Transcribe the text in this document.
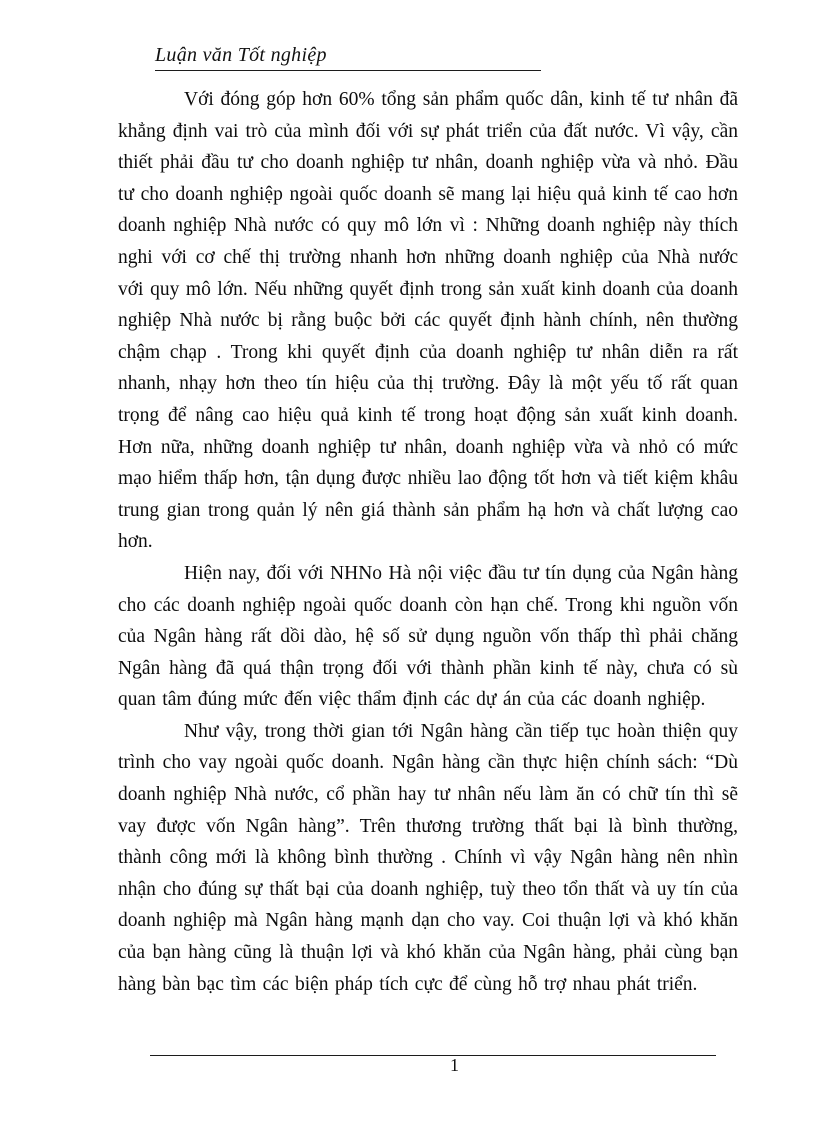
Luận văn Tốt nghiệp

Với đóng góp hơn 60% tổng sản phẩm quốc dân, kinh tế tư nhân đã khẳng định vai trò của mình đối với sự phát triển của đất nước. Vì vậy, cần thiết phải đầu tư cho doanh nghiệp tư nhân, doanh nghiệp vừa và nhỏ. Đầu tư cho doanh nghiệp ngoài quốc doanh sẽ mang lại hiệu quả kinh tế cao hơn doanh nghiệp Nhà nước có quy mô lớn vì : Những doanh nghiệp này thích nghi với cơ chế thị trường nhanh hơn những doanh nghiệp của Nhà nước với quy mô lớn. Nếu những quyết định trong sản xuất kinh doanh của doanh nghiệp Nhà nước bị rằng buộc bởi các quyết định hành chính, nên thường chậm chạp . Trong khi quyết định của doanh nghiệp tư nhân diễn ra rất nhanh, nhạy hơn theo tín hiệu của thị trường. Đây là một yếu tố rất quan trọng để nâng cao hiệu quả kinh tế trong hoạt động sản xuất kinh doanh. Hơn nữa, những doanh nghiệp tư nhân, doanh nghiệp vừa và nhỏ có mức mạo hiểm thấp hơn, tận dụng được nhiều lao động tốt hơn và tiết kiệm khâu trung gian trong quản lý nên giá thành sản phẩm hạ hơn và chất lượng cao hơn.

Hiện nay, đối với NHNo Hà nội việc đầu tư tín dụng của Ngân hàng cho các doanh nghiệp ngoài quốc doanh còn hạn chế. Trong khi nguồn vốn của Ngân hàng rất dồi dào, hệ số sử dụng nguồn vốn thấp thì phải chăng Ngân hàng đã quá thận trọng đối với thành phần kinh tế này, chưa có sù quan tâm đúng mức đến việc thẩm định các dự án của các doanh nghiệp.

Như vậy, trong thời gian tới Ngân hàng cần tiếp tục hoàn thiện quy trình cho vay ngoài quốc doanh. Ngân hàng cần thực hiện chính sách: “Dù doanh nghiệp Nhà nước, cổ phần hay tư nhân nếu làm ăn có chữ tín thì sẽ vay được vốn Ngân hàng”. Trên thương trường thất bại là bình thường, thành công mới là không bình thường . Chính vì vậy Ngân hàng nên nhìn nhận cho đúng sự thất bại của doanh nghiệp, tuỳ theo tổn thất và uy tín của doanh nghiệp mà Ngân hàng mạnh dạn cho vay. Coi thuận lợi và khó khăn của bạn hàng cũng là thuận lợi và khó khăn của Ngân hàng, phải cùng bạn hàng bàn bạc tìm các biện pháp tích cực để cùng hỗ trợ nhau phát triển.

1
